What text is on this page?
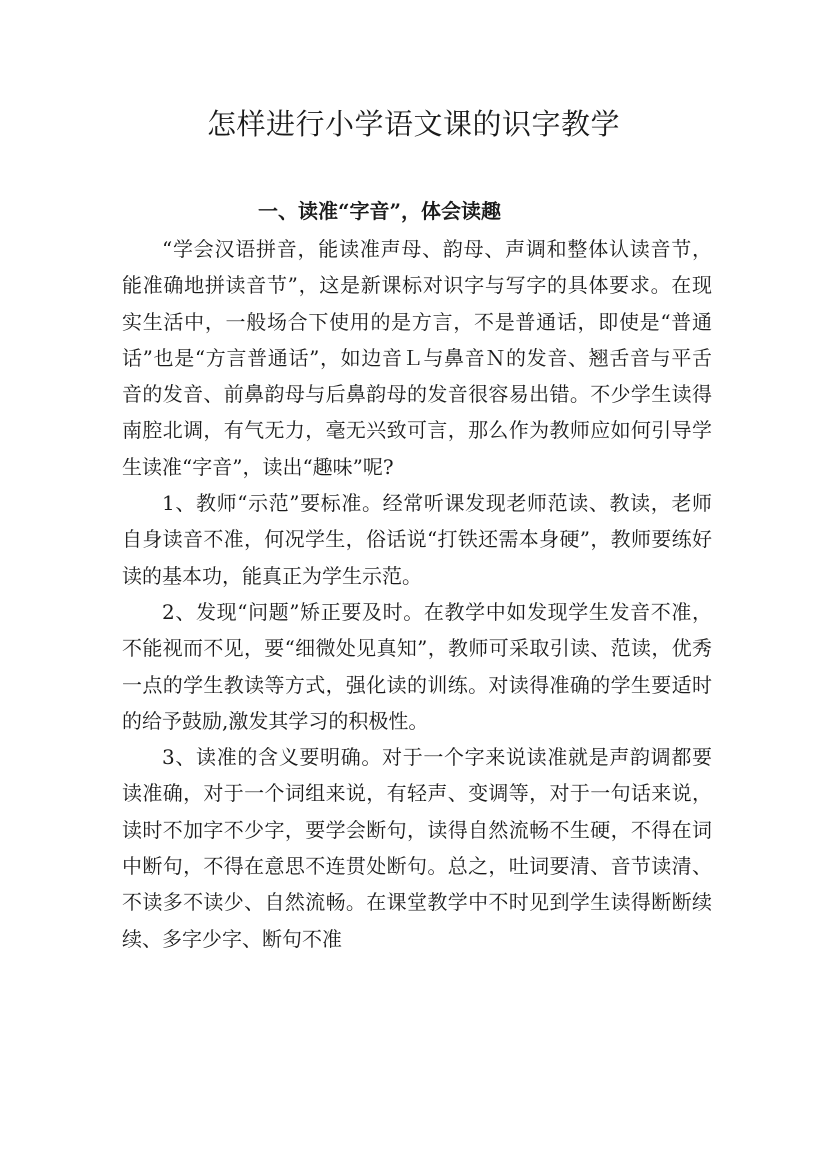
怎样进行小学语文课的识字教学
一、读准“字音”，体会读趣

“学会汉语拼音，能读准声母、韵母、声调和整体认读音节，能准确地拼读音节”，这是新课标对识字与写字的具体要求。在现实生活中，一般场合下使用的是方言，不是普通话，即使是“普通话”也是“方言普通话”，如边音Ｌ与鼻音Ｎ的发音、翘舌音与平舌音的发音、前鼻韵母与后鼻韵母的发音很容易出错。不少学生读得南腔北调，有气无力，毫无兴致可言，那么作为教师应如何引导学生读准“字音”，读出“趣味”呢?

1、教师“示范”要标准。经常听课发现老师范读、教读，老师自身读音不准，何况学生，俗话说“打铁还需本身硬”，教师要练好读的基本功，能真正为学生示范。

2、发现“问题”矫正要及时。在教学中如发现学生发音不准，不能视而不见，要“细微处见真知”，教师可采取引读、范读，优秀一点的学生教读等方式，强化读的训练。对读得准确的学生要适时的给予鼓励,激发其学习的积极性。

3、读准的含义要明确。对于一个字来说读准就是声韵调都要读准确，对于一个词组来说，有轻声、变调等，对于一句话来说，读时不加字不少字，要学会断句，读得自然流畅不生硬，不得在词中断句，不得在意思不连贯处断句。总之，吐词要清、音节读清、不读多不读少、自然流畅。在课堂教学中不时见到学生读得断断续续、多字少字、断句不准
